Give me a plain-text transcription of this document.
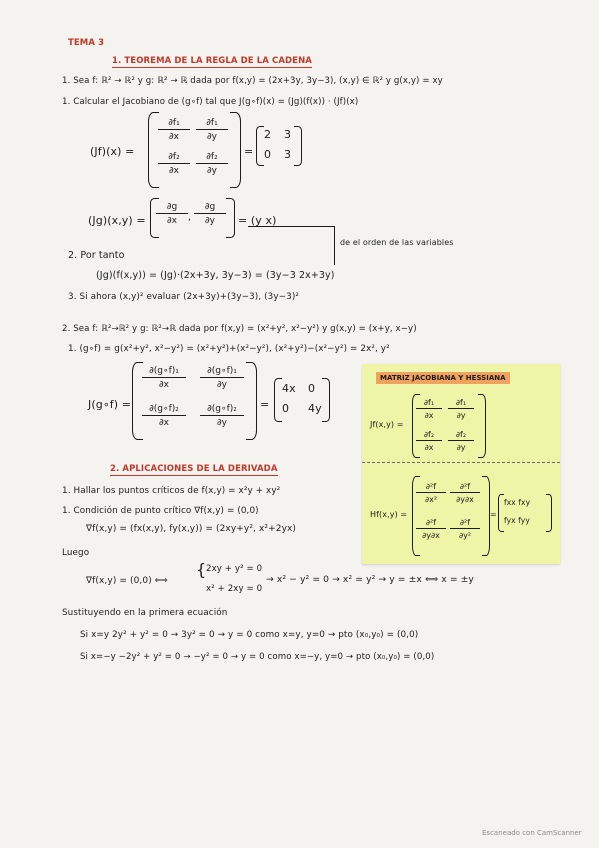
TEMA 3
1. TEOREMA DE LA REGLA DE LA CADENA
1. Sea f: ℝ² → ℝ² y g: ℝ² → ℝ dada por f(x,y) = (2x+3y, 3y−3), (x,y) ∈ ℝ² y g(x,y) = xy
1. Calcular el Jacobiano de (g∘f) tal que J(g∘f)(x) = (Jg)(f(x)) · (Jf)(x)
(Jf)(x) =
$\frac{\text{∂f₁}}{\partial x} \frac{\text{∂f₁}}{\partial y}$
$\frac{\text{∂f₂}}{\partial x} \frac{\text{∂f₂}}{\partial y}$
=
2 3
0 3
$(Jg)(x,y) = \frac{\partial g}{\partial x}$ , $\frac{\partial g}{\partial y} = (y$ x)
de el orden de las variables
2. Por tanto
(Jg)(f(x,y)) = (Jg)·(2x+3y, 3y−3) = (3y−3 2x+3y)
3. Si ahora (x,y)² evaluar (2x+3y)+(3y−3), (3y−3)²
2. Sea f: ℝ²→ℝ² y g: ℝ²→ℝ dada por f(x,y) = (x²+y², x²−y²) y g(x,y) = (x+y, x−y)
1. (g∘f) = g(x²+y², x²−y²) = (x²+y²)+(x²−y²), (x²+y²)−(x²−y²) = 2x², y²
J(g∘f) =
$\frac{\text{∂(g∘f)₁}}{\partial x} \frac{\text{∂(g∘f)₁}}{\partial y}$
$\frac{\text{∂(g∘f)₂}}{\partial x} \frac{\text{∂(g∘f)₂}}{\partial y}$ =
4x 0
0 4y
MATRIZ JACOBIANA Y HESSIANA
Jf(x,y) =
$\frac{\text{∂f₁}}{\partial x} \frac{\text{∂f₁}}{\partial y}$
$\frac{\text{∂f₂}}{\partial x} \frac{\text{∂f₂}}{\partial y}$
Hf(x,y) =
$\frac{\text{∂²f}}{\text{∂x²}} \frac{\text{∂²f}}{\partial y\partial x}$
$\frac{\text{∂²f}}{\partial y\partial x} \frac{\text{∂²f}}{\text{∂y²}}$
=
fxx fxy
fyx fyy
2. APLICACIONES DE LA DERIVADA
1. Hallar los puntos críticos de f(x,y) = x²y + xy²
1. Condición de punto crítico ∇f(x,y) = (0,0)
∇f(x,y) = (fx(x,y), fy(x,y)) = (2xy+y², x²+2yx)
Luego
∇f(x,y) = (0,0) ⟺
{ 2xy + y² = 0
x² + 2xy = 0
→ x² − y² = 0 → x² = y² → y = ±x ⟺ x = ±y
Sustituyendo en la primera ecuación
Si x=y 2y² + y² = 0 → 3y² = 0 → y = 0 como x=y, y=0 → pto (x₀,y₀) = (0,0)
Si x=−y −2y² + y² = 0 → −y² = 0 → y = 0 como x=−y, y=0 → pto (x₀,y₀) = (0,0)
Escaneado con CamScanner
